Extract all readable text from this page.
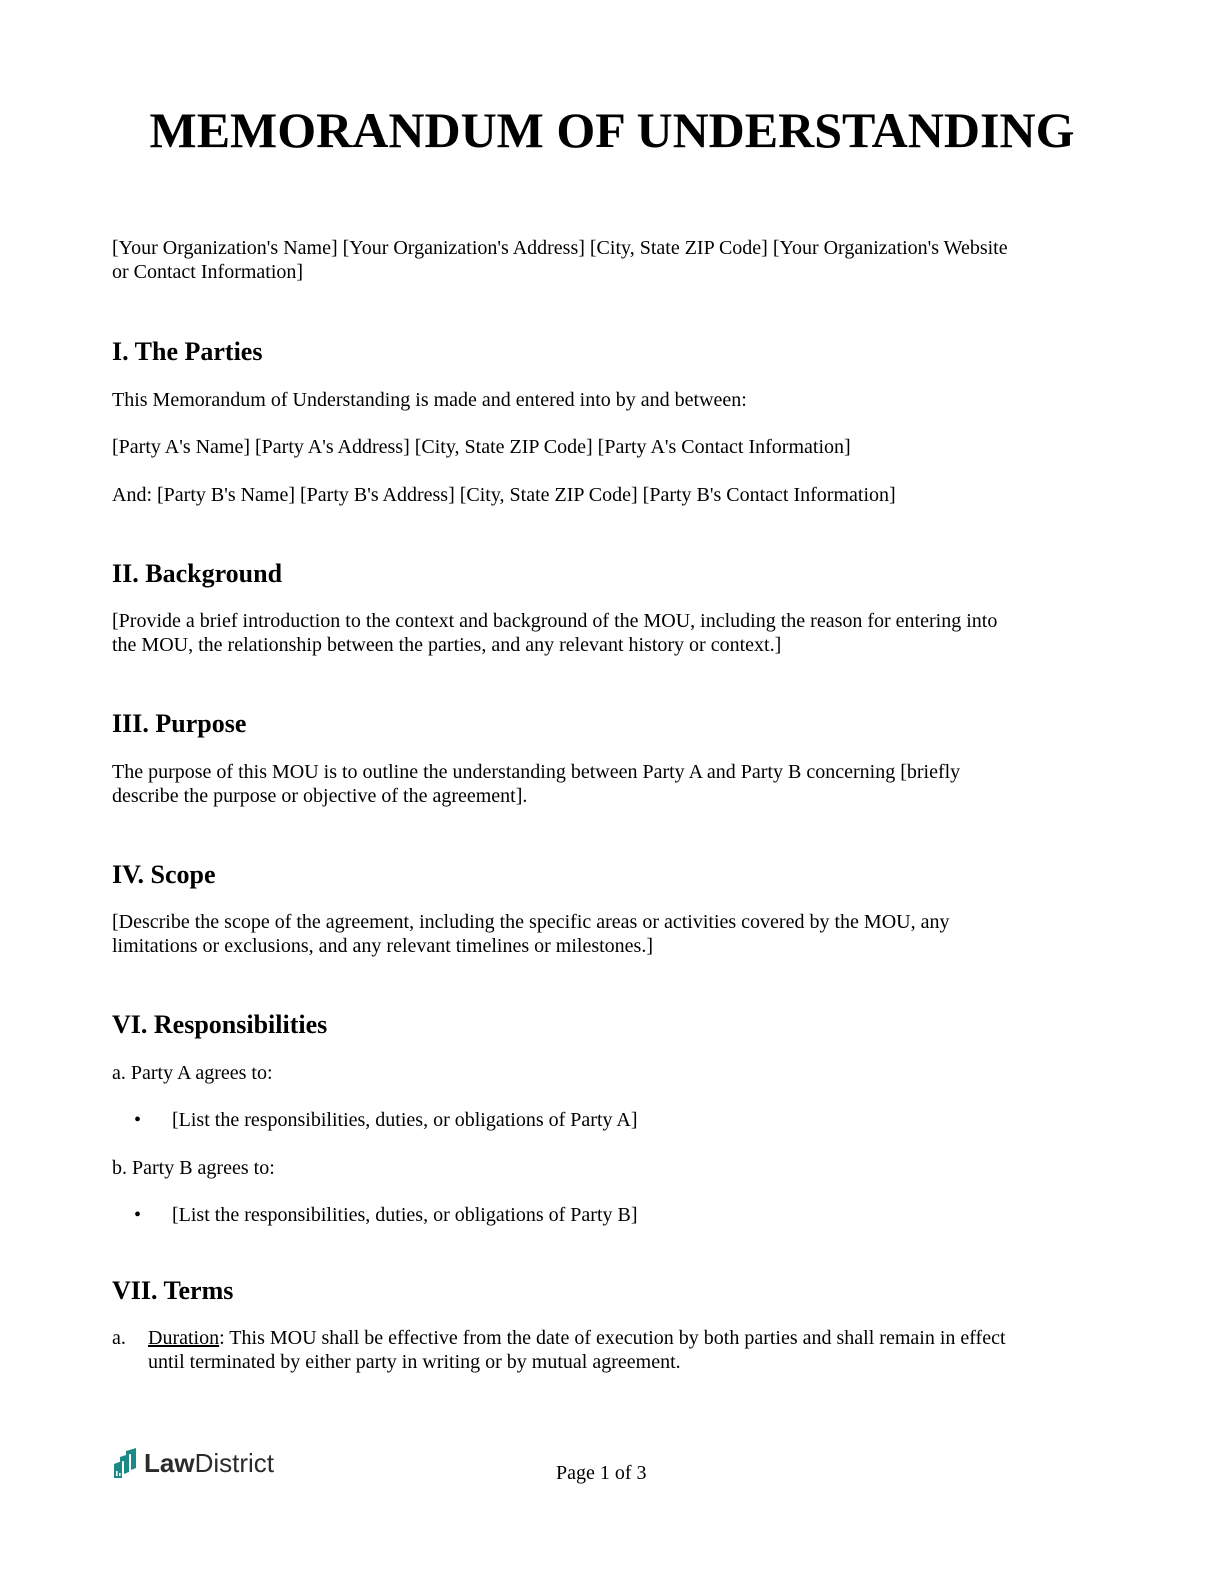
MEMORANDUM OF UNDERSTANDING

[Your Organization's Name] [Your Organization's Address] [City, State ZIP Code] [Your Organization's Website

or Contact Information]

I. The Parties

This Memorandum of Understanding is made and entered into by and between:

[Party A's Name] [Party A's Address] [City, State ZIP Code] [Party A's Contact Information]

And: [Party B's Name] [Party B's Address] [City, State ZIP Code] [Party B's Contact Information]

II. Background

[Provide a brief introduction to the context and background of the MOU, including the reason for entering into

the MOU, the relationship between the parties, and any relevant history or context.]

III. Purpose

The purpose of this MOU is to outline the understanding between Party A and Party B concerning [briefly

describe the purpose or objective of the agreement].

IV. Scope

[Describe the scope of the agreement, including the specific areas or activities covered by the MOU, any

limitations or exclusions, and any relevant timelines or milestones.]

VI. Responsibilities

a. Party A agrees to:

• [List the responsibilities, duties, or obligations of Party A]

b. Party B agrees to:

• [List the responsibilities, duties, or obligations of Party B]
VII. Terms
a. Duration: This MOU shall be effective from the date of execution by both parties and shall remain in effect
until terminated by either party in writing or by mutual agreement.
LawDistrict	Page 1 of 3
